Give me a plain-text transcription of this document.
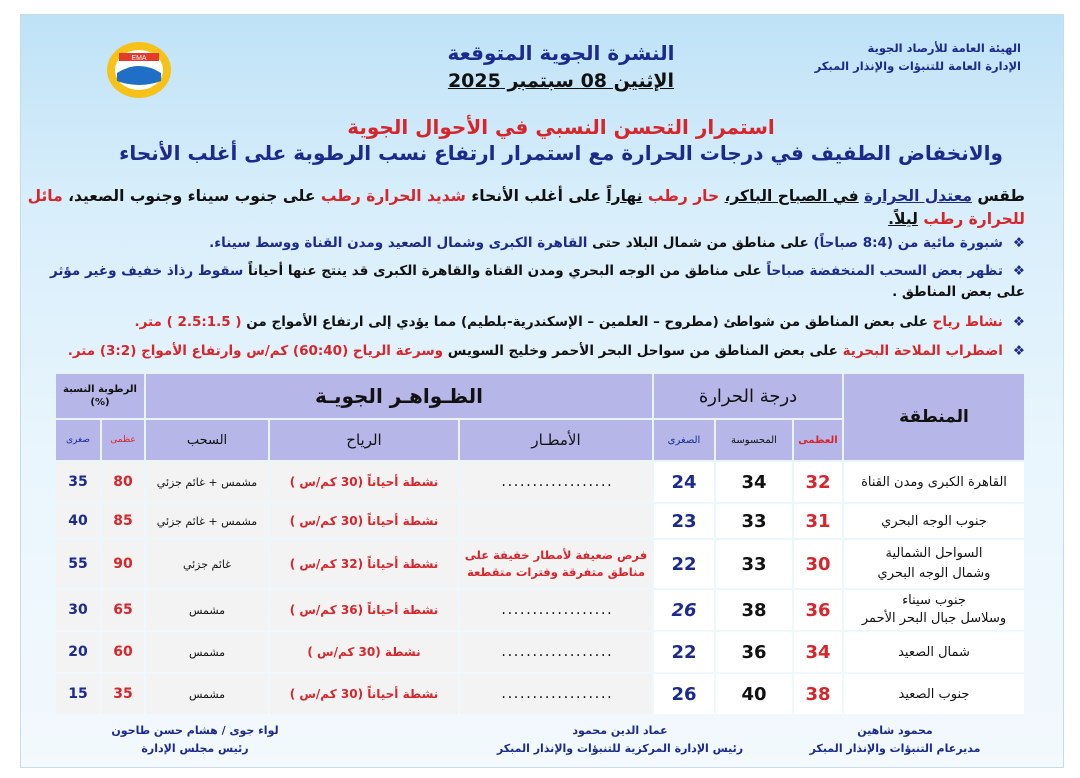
EMA
الهيئة العامة للأرصاد الجوية
الإدارة العامة للتنبؤات والإنذار المبكر
النشرة الجوية المتوقعة
الإثنين 08 سبتمبر 2025
استمرار التحسن النسبي في الأحوال الجوية
والانخفاض الطفيف في درجات الحرارة مع استمرار ارتفاع نسب الرطوبة على أغلب الأنحاء
طقس معتدل الحرارة في الصباح الباكر، حار رطب نهاراً على أغلب الأنحاء شديد الحرارة رطب على جنوب سيناء وجنوب الصعيد، مائل للحرارة رطب ليلاً.
❖شبورة مائية من (8:4 صباحاً) على مناطق من شمال البلاد حتى القاهرة الكبرى وشمال الصعيد ومدن القناة ووسط سيناء.
❖تظهر بعض السحب المنخفضة صباحاً على مناطق من الوجه البحري ومدن القناة والقاهرة الكبرى قد ينتج عنها أحياناً سقوط رذاذ خفيف وغير مؤثر على بعض المناطق .
❖نشاط رياح على بعض المناطق من شواطئ (مطروح – العلمين – الإسكندرية-بلطيم) مما يؤدي إلى ارتفاع الأمواج من ( 2.5:1.5 ) متر.
❖اضطراب الملاحة البحرية على بعض المناطق من سواحل البحر الأحمر وخليج السويس وسرعة الرياح (60:40) كم/س وارتفاع الأمواج (3:2) متر.
المنطقة
درجة الحرارة
العظمى
المحسوسة
الصغرى
الظـواهـر الجويـة
الأمطـار
الرياح
السحب
الرطوبة النسبة (%)
عظمى
صغرى
القاهرة الكبرى ومدن القناة
32
34
24
..................
نشطة أحياناً (30 كم/س )
مشمس + غائم جزئي
80
35
جنوب الوجه البحري
31
33
23
نشطة أحياناً (30 كم/س )
مشمس + غائم جزئي
85
40
السواحل الشمالية
وشمال الوجه البحري
30
33
22
فرص ضعيفة لأمطار خفيفة على
مناطق متفرقة وفترات متقطعة
نشطة أحياناً (32 كم/س )
غائم جزئي
90
55
جنوب سيناء
وسلاسل جبال البحر الأحمر
36
38
26
..................
نشطة أحياناً (36 كم/س )
مشمس
65
30
شمال الصعيد
34
36
22
..................
نشطة (30 كم/س )
مشمس
60
20
جنوب الصعيد
38
40
26
..................
نشطة أحياناً (30 كم/س )
مشمس
35
15
محمود شاهين
مديرعام التنبؤات والإنذار المبكر
عماد الدين محمود
رئيس الإدارة المركزية للتنبؤات والإنذار المبكر
لواء جوى / هشام حسن طاحون
رئيس مجلس الإدارة
